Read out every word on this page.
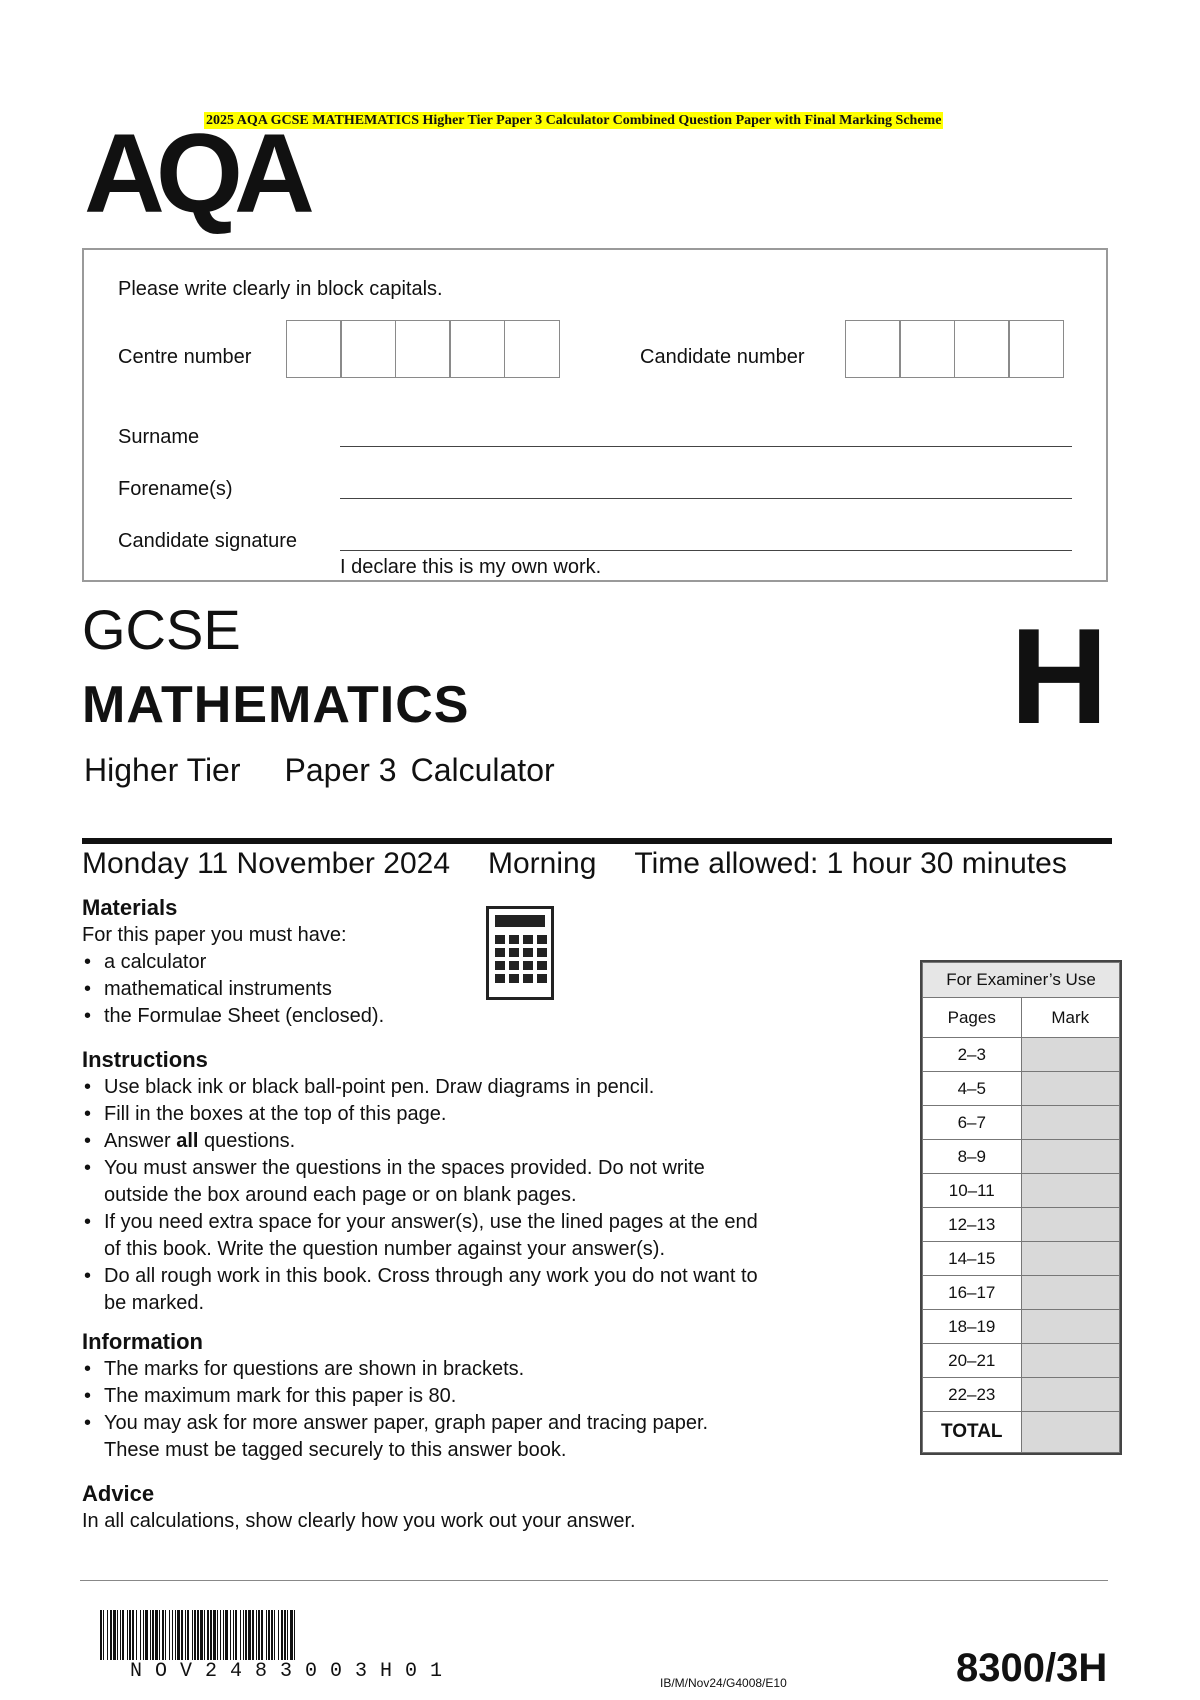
2025 AQA GCSE MATHEMATICS Higher Tier Paper 3 Calculator Combined Question Paper with Final Marking Scheme
AQA
Please write clearly in block capitals.
Centre number	Candidate number
Surname
Forename(s)
Candidate signature
I declare this is my own work.
GCSE
MATHEMATICS
Higher Tier Paper 3 Calculator
H
Monday 11 November 2024 Morning Time allowed: 1 hour 30 minutes
Materials
For this paper you must have:
• a calculator
• mathematical instruments
• the Formulae Sheet (enclosed).
Instructions
• Use black ink or black ball-point pen. Draw diagrams in pencil.
• Fill in the boxes at the top of this page.
• Answer all questions.
• You must answer the questions in the spaces provided. Do not write
outside the box around each page or on blank pages.
• If you need extra space for your answer(s), use the lined pages at the end
of this book. Write the question number against your answer(s).
• Do all rough work in this book. Cross through any work you do not want to
be marked.
Information
• The marks for questions are shown in brackets.
• The maximum mark for this paper is 80.
• You may ask for more answer paper, graph paper and tracing paper.
These must be tagged securely to this answer book.
Advice
In all calculations, show clearly how you work out your answer.
For Examiner’s Use	
Pages	Mark
2–3	
4–5	
6–7	
8–9	
10–11	
12–13	
14–15	
16–17	
18–19	
20–21	
22–23	
TOTAL	
NOV2483003H01	IB/M/Nov24/G4008/E10	8300/3H
